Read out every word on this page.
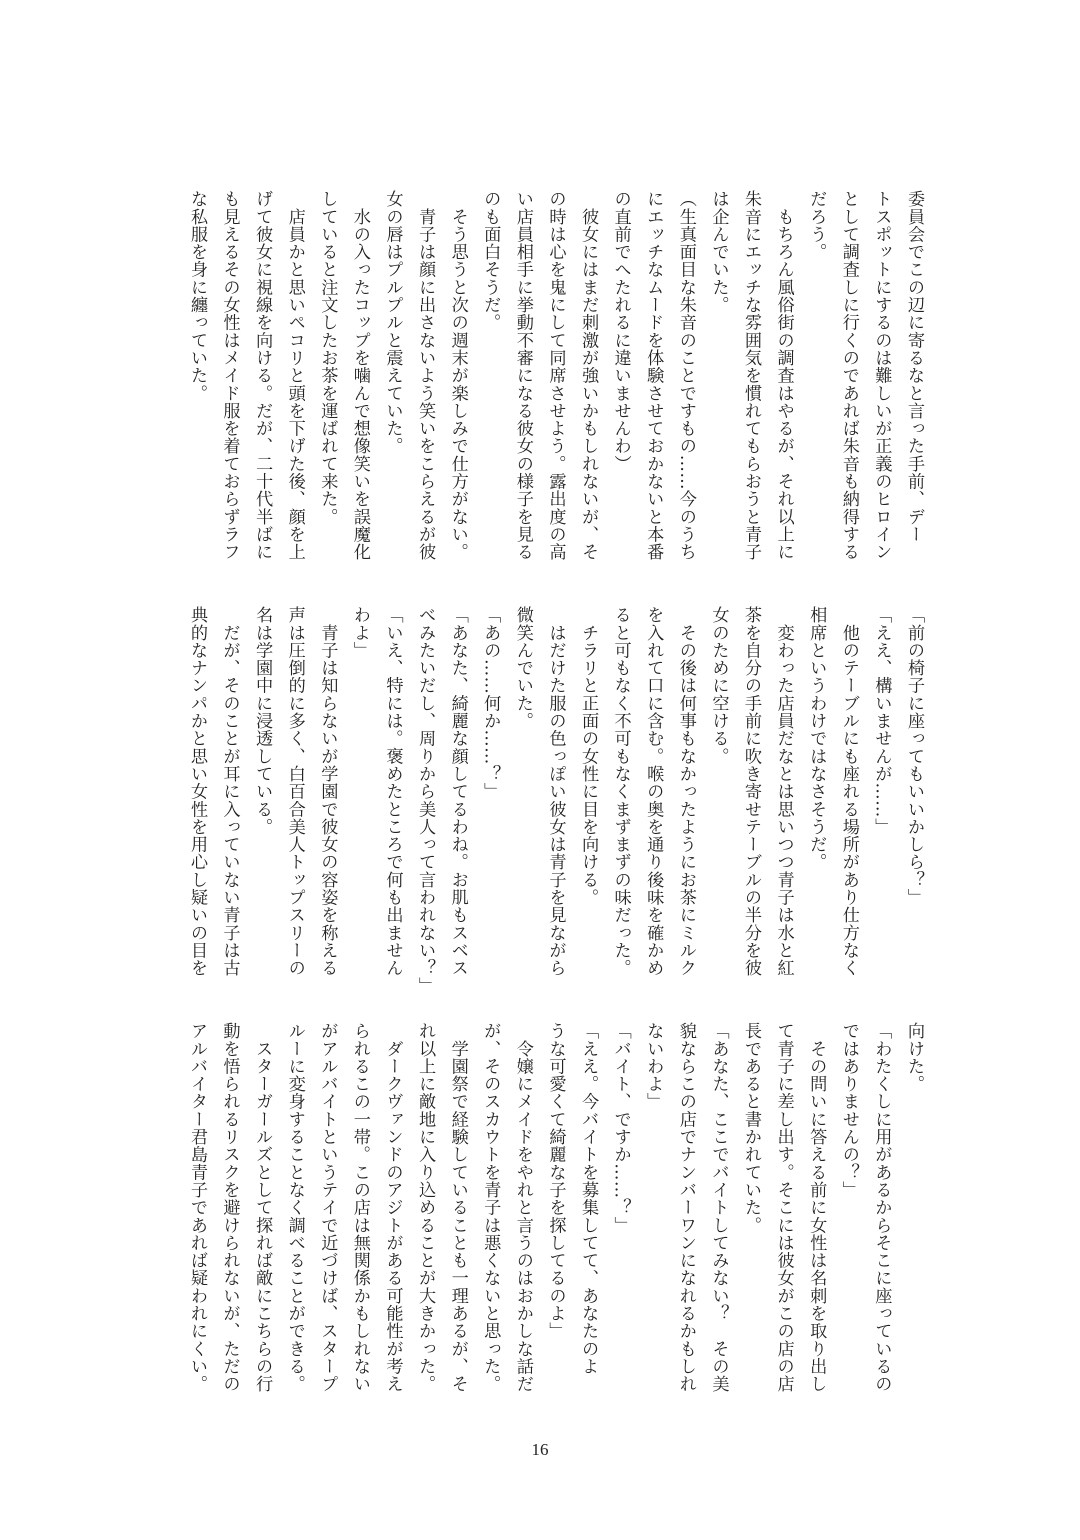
委員会でこの辺に寄るなと言った手前、デー
トスポットにするのは難しいが正義のヒロイン
として調査しに行くのであれば朱音も納得する
だろう。
　もちろん風俗街の調査はやるが、それ以上に
朱音にエッチな雰囲気を慣れてもらおうと青子
は企んでいた。
（生真面目な朱音のことですもの……今のうち
にエッチなムードを体験させておかないと本番
の直前でへたれるに違いませんわ）
　彼女にはまだ刺激が強いかもしれないが、そ
の時は心を鬼にして同席させよう。露出度の高
い店員相手に挙動不審になる彼女の様子を見る
のも面白そうだ。
　そう思うと次の週末が楽しみで仕方がない。
　青子は顔に出さないよう笑いをこらえるが彼
女の唇はプルプルと震えていた。
　水の入ったコップを噛んで想像笑いを誤魔化
していると注文したお茶を運ばれて来た。
　店員かと思いペコリと頭を下げた後、顔を上
げて彼女に視線を向ける。だが、二十代半ばに
も見えるその女性はメイド服を着ておらずラフ
な私服を身に纏っていた。
「前の椅子に座ってもいいかしら？」
「ええ、構いませんが……」
　他のテーブルにも座れる場所があり仕方なく
相席というわけではなさそうだ。
　変わった店員だなとは思いつつ青子は水と紅
茶を自分の手前に吹き寄せテーブルの半分を彼
女のために空ける。
　その後は何事もなかったようにお茶にミルク
を入れて口に含む。喉の奥を通り後味を確かめ
ると可もなく不可もなくまずまずの味だった。
　チラリと正面の女性に目を向ける。
　はだけた服の色っぽい彼女は青子を見ながら
微笑んでいた。
「あの……何か……？」
「あなた、綺麗な顔してるわね。お肌もスベス
べみたいだし、周りから美人って言われない？」
「いえ、特には。褒めたところで何も出ません
わよ」
　青子は知らないが学園で彼女の容姿を称える
声は圧倒的に多く、白百合美人トップスリーの
名は学園中に浸透している。
　だが、そのことが耳に入っていない青子は古
典的なナンパかと思い女性を用心し疑いの目を
向けた。
「わたくしに用があるからそこに座っているの
ではありませんの？」
　その問いに答える前に女性は名刺を取り出し
て青子に差し出す。そこには彼女がこの店の店
長であると書かれていた。
「あなた、ここでバイトしてみない？　その美
貌ならこの店でナンバーワンになれるかもしれ
ないわよ」
「バイト、ですか……？」
「ええ。今バイトを募集してて、あなたのよ
うな可愛くて綺麗な子を探してるのよ」
　令嬢にメイドをやれと言うのはおかしな話だ
が、そのスカウトを青子は悪くないと思った。
　学園祭で経験していることも一理あるが、そ
れ以上に敵地に入り込めることが大きかった。
　ダークヴァンドのアジトがある可能性が考え
られるこの一帯。この店は無関係かもしれない
がアルバイトというテイで近づけば、スタープ
ルーに変身することなく調べることができる。
　スターガールズとして探れば敵にこちらの行
動を悟られるリスクを避けられないが、ただの
アルバイター君島青子であれば疑われにくい。
16
